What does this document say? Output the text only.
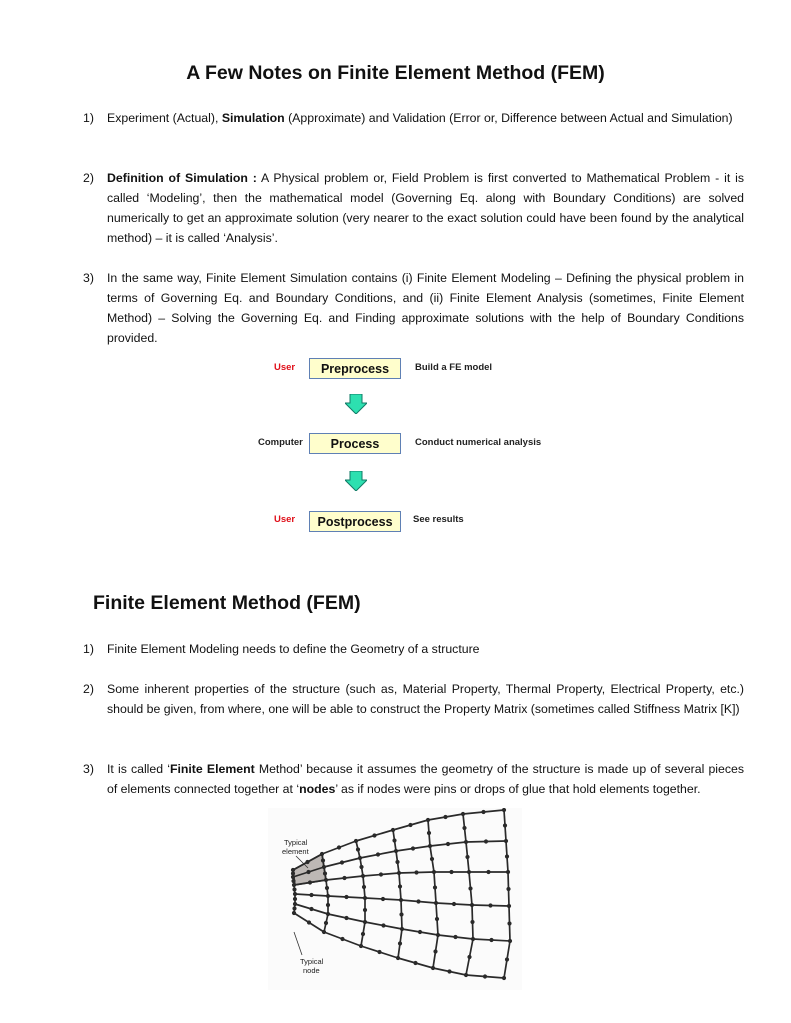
A Few Notes on Finite Element Method (FEM)
1) Experiment (Actual), Simulation (Approximate) and Validation (Error or, Difference between Actual and Simulation)
2) Definition of Simulation : A Physical problem or, Field Problem is first converted to Mathematical Problem - it is called ‘Modeling’, then the mathematical model (Governing Eq. along with Boundary Conditions) are solved numerically to get an approximate solution (very nearer to the exact solution could have been found by the analytical method) – it is called ‘Analysis’.
3) In the same way, Finite Element Simulation contains (i) Finite Element Modeling – Defining the physical problem in terms of Governing Eq. and Boundary Conditions, and (ii) Finite Element Analysis (sometimes, Finite Element Method) – Solving the Governing Eq. and Finding approximate solutions with the help of Boundary Conditions provided.
User	Preprocess	Build a FE model
Computer	Process	Conduct numerical analysis
User	Postprocess	See results
Finite Element Method (FEM)
1) Finite Element Modeling needs to define the Geometry of a structure
2) Some inherent properties of the structure (such as, Material Property, Thermal Property, Electrical Property, etc.) should be given, from where, one will be able to construct the Property Matrix (sometimes called Stiffness Matrix [K])
3) It is called ‘Finite Element Method’ because it assumes the geometry of the structure is made up of several pieces of elements connected together at ‘nodes’ as if nodes were pins or drops of glue that hold elements together.
Typical element
Typical node
